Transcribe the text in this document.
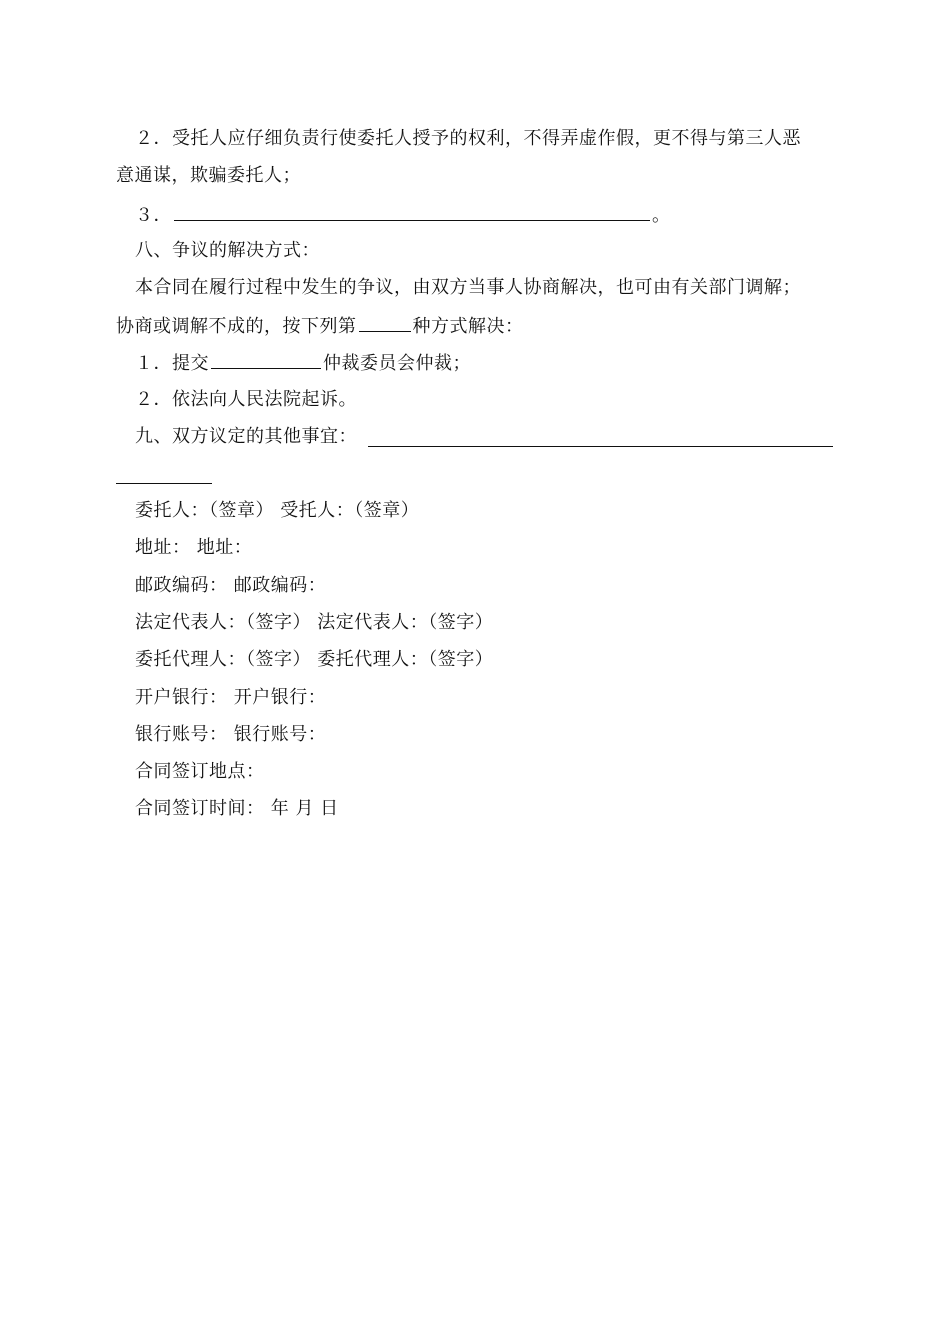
２．受托人应仔细负责行使委托人授予的权利，不得弄虚作假，更不得与第三人恶
意通谋，欺骗委托人；
３．	。
八、争议的解决方式：
本合同在履行过程中发生的争议，由双方当事人协商解决，也可由有关部门调解；
协商或调解不成的，按下列第	种方式解决：
１．提交	仲裁委员会仲裁；
２．依法向人民法院起诉。
九、双方议定的其他事宜：
委托人：（签章） 受托人：（签章）
地址： 地址：
邮政编码： 邮政编码：
法定代表人：（签字） 法定代表人：（签字）
委托代理人：（签字） 委托代理人：（签字）
开户银行： 开户银行：
银行账号： 银行账号：
合同签订地点：
合同签订时间： 年 月 日
